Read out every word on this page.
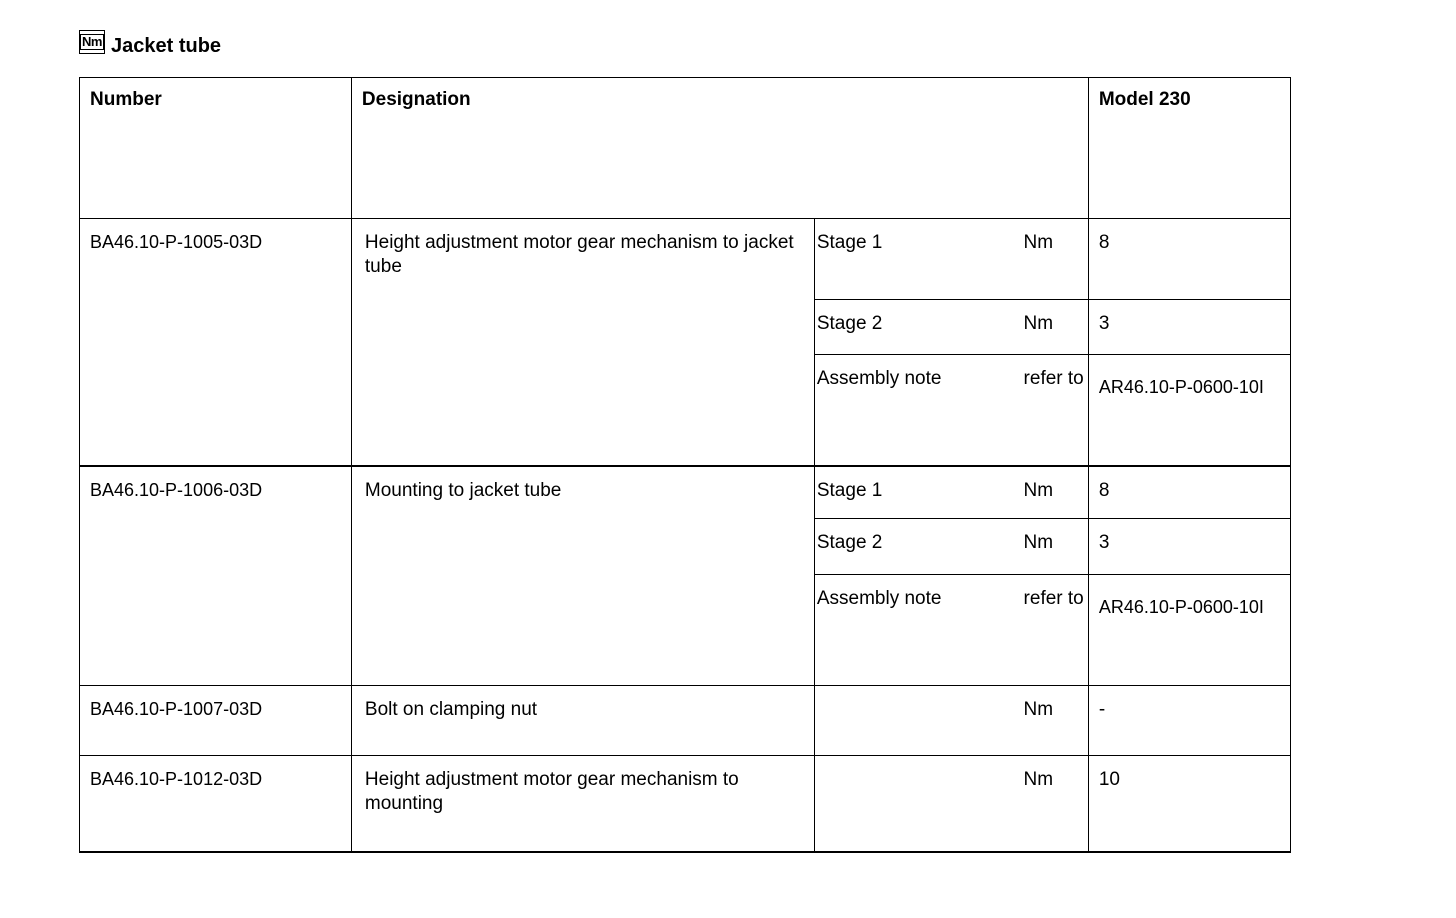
Nm Jacket tube
Number	Designation			Model 230
BA46.10-P-1005-03D	Height adjustment motor gear mechanism to jacket tube	Stage 1	Nm	8
		Stage 2	Nm	3
		Assembly note	refer to	AR46.10-P-0600-10I

BA46.10-P-1006-03D	Mounting to jacket tube	Stage 1	Nm	8
		Stage 2	Nm	3
		Assembly note	refer to	AR46.10-P-0600-10I

BA46.10-P-1007-03D	Bolt on clamping nut		Nm	-
BA46.10-P-1012-03D	Height adjustment motor gear mechanism to mounting		Nm	10
